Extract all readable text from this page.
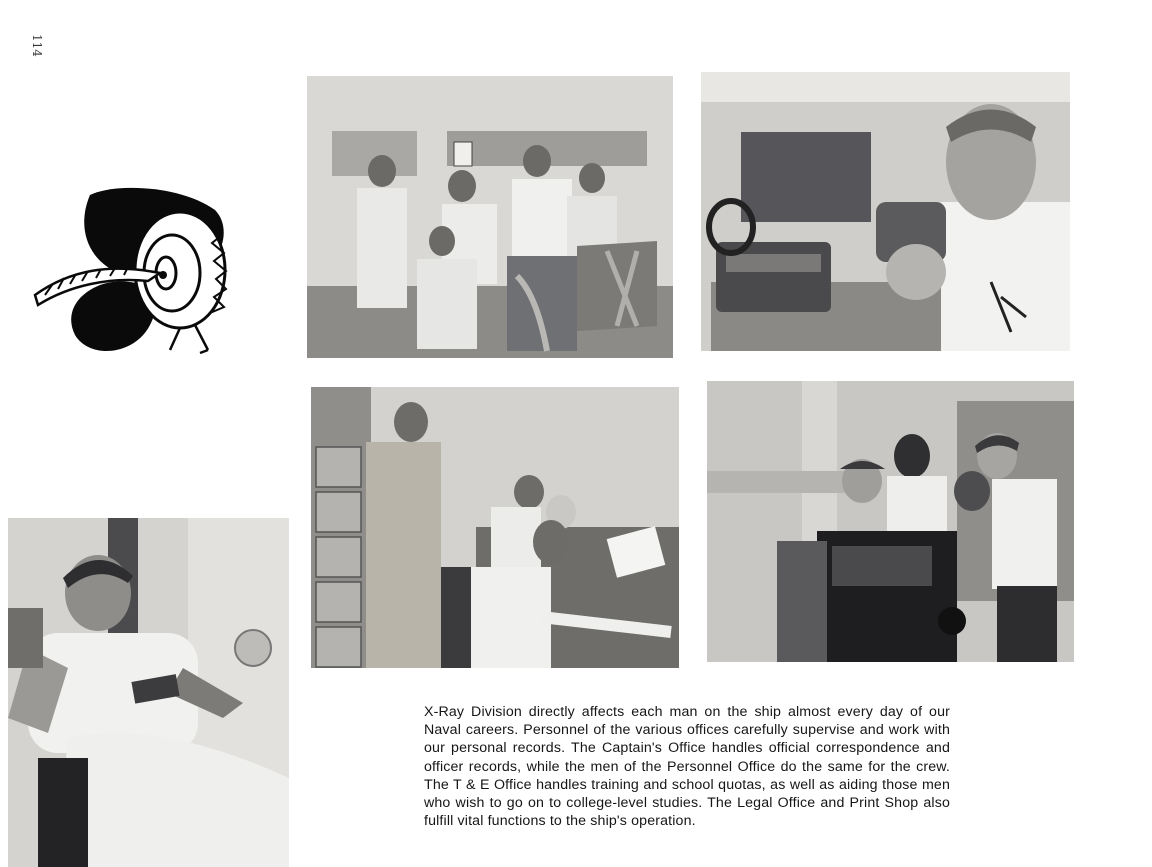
114
X-Ray Division directly affects each man on the ship almost every day of our Naval careers. Personnel of the various offices carefully supervise and work with our personal records. The Captain's Office handles official correspondence and officer records, while the men of the Personnel Office do the same for the crew. The T & E Office handles training and school quotas, as well as aiding those men who wish to go on to college-level studies. The Legal Office and Print Shop also fulfill vital functions to the ship's operation.
